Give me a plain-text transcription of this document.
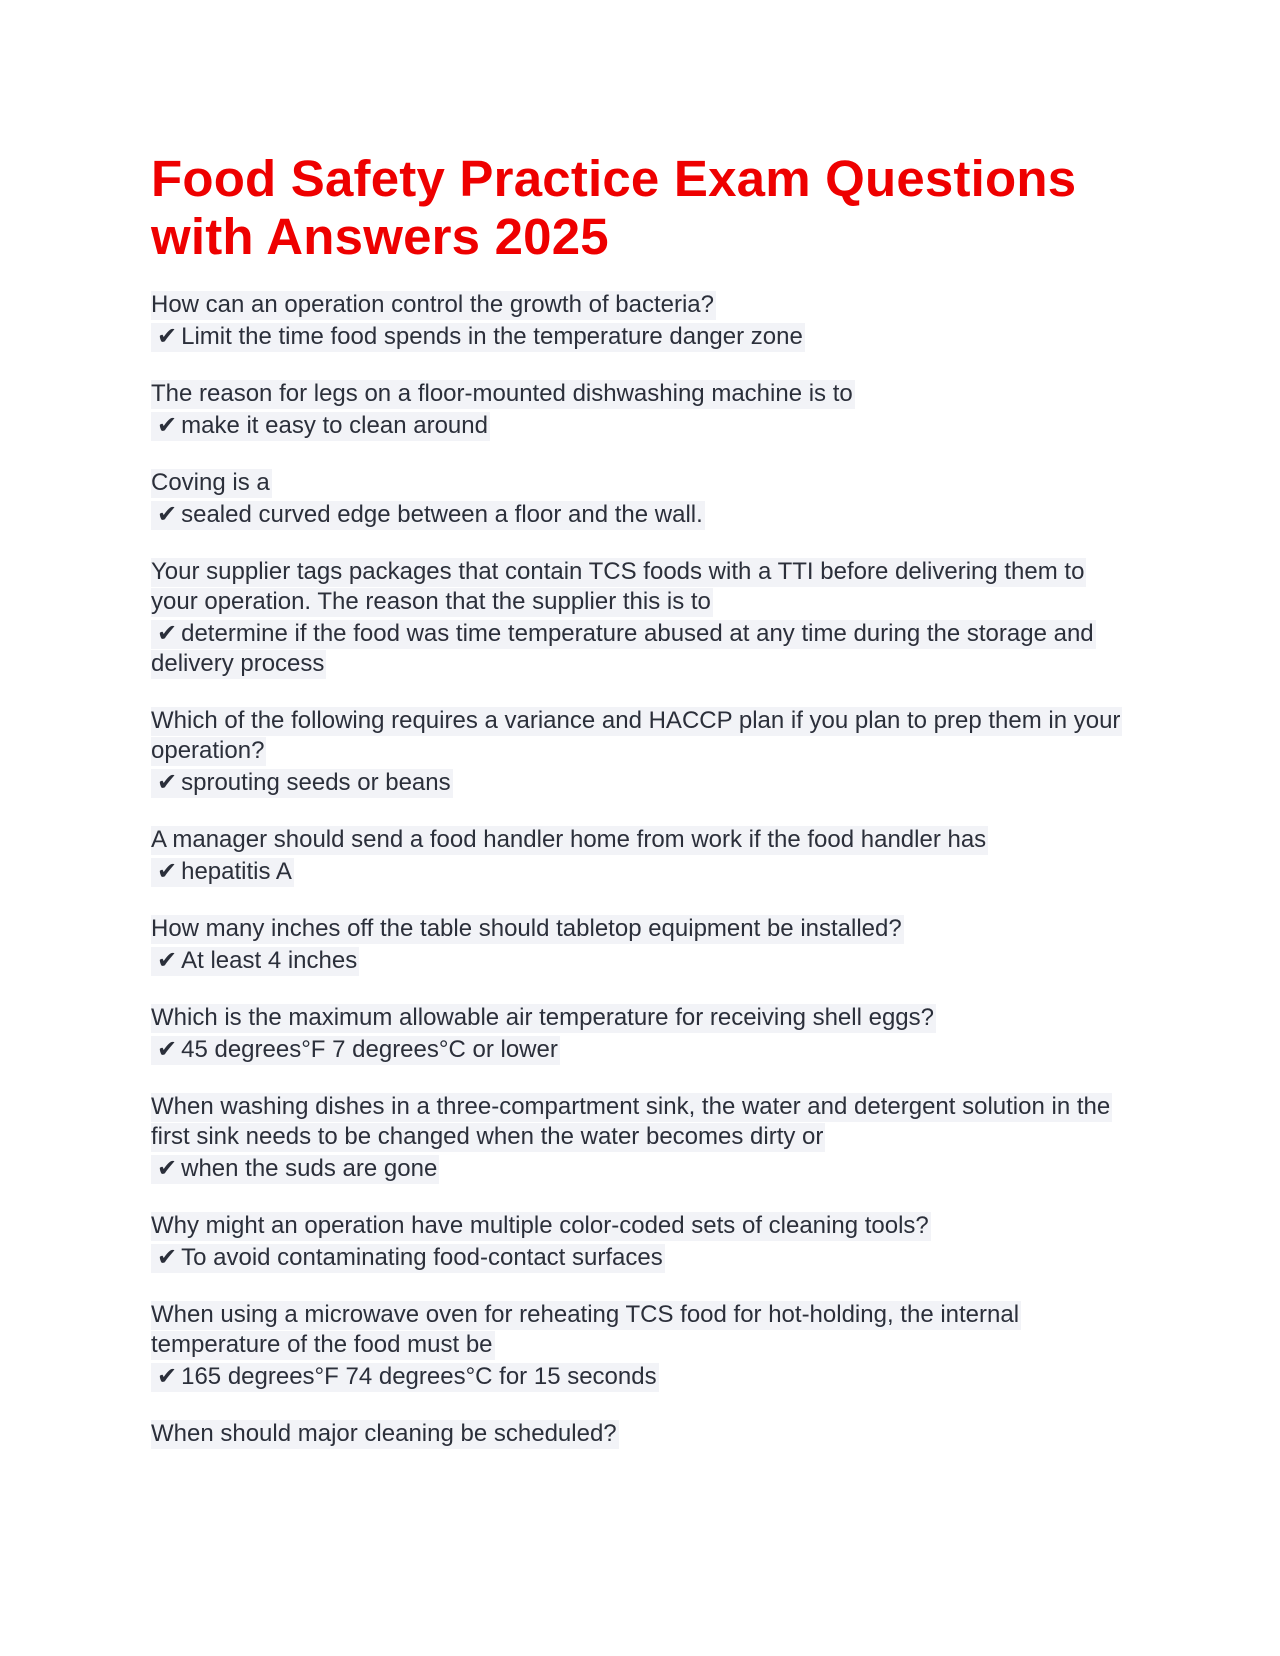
Food Safety Practice Exam Questions with Answers 2025
How can an operation control the growth of bacteria?
✔ Limit the time food spends in the temperature danger zone
The reason for legs on a floor-mounted dishwashing machine is to
✔ make it easy to clean around
Coving is a
✔ sealed curved edge between a floor and the wall.
Your supplier tags packages that contain TCS foods with a TTI before delivering them to your operation. The reason that the supplier this is to
✔ determine if the food was time temperature abused at any time during the storage and delivery process
Which of the following requires a variance and HACCP plan if you plan to prep them in your operation?
✔ sprouting seeds or beans
A manager should send a food handler home from work if the food handler has
✔ hepatitis A
How many inches off the table should tabletop equipment be installed?
✔ At least 4 inches
Which is the maximum allowable air temperature for receiving shell eggs?
✔ 45 degrees°F 7 degrees°C or lower
When washing dishes in a three-compartment sink, the water and detergent solution in the first sink needs to be changed when the water becomes dirty or
✔ when the suds are gone
Why might an operation have multiple color-coded sets of cleaning tools?
✔ To avoid contaminating food-contact surfaces
When using a microwave oven for reheating TCS food for hot-holding, the internal temperature of the food must be
✔ 165 degrees°F 74 degrees°C for 15 seconds
When should major cleaning be scheduled?
